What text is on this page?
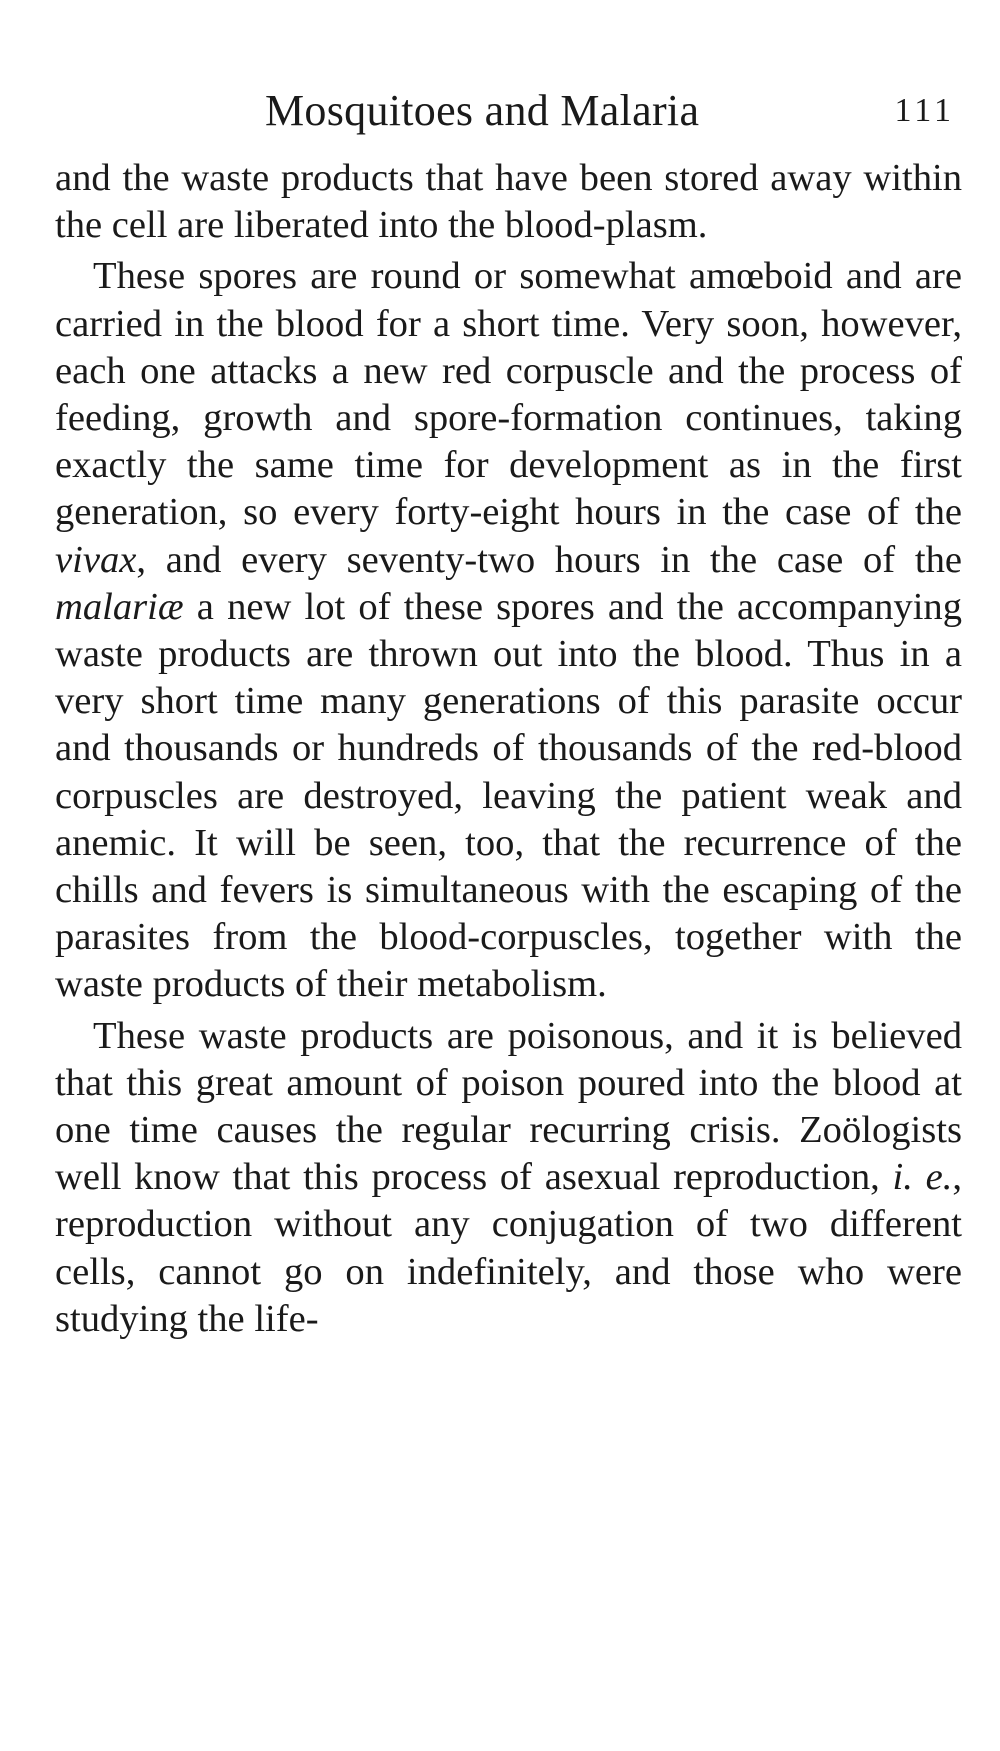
Mosquitoes and Malaria	111

and the waste products that have been stored away within the cell are liberated into the blood-plasm.

These spores are round or somewhat amœboid and are carried in the blood for a short time. Very soon, however, each one attacks a new red corpuscle and the process of feeding, growth and spore-formation continues, taking exactly the same time for development as in the first generation, so every forty-eight hours in the case of the vivax, and every seventy-two hours in the case of the malariæ a new lot of these spores and the accompanying waste products are thrown out into the blood. Thus in a very short time many generations of this parasite occur and thousands or hundreds of thousands of the red-blood corpuscles are destroyed, leaving the patient weak and anemic. It will be seen, too, that the recurrence of the chills and fevers is simultaneous with the escaping of the parasites from the blood-corpuscles, together with the waste products of their metabolism.

These waste products are poisonous, and it is believed that this great amount of poison poured into the blood at one time causes the regular recurring crisis. Zoölogists well know that this process of asexual reproduction, i. e., reproduction without any conjugation of two different cells, cannot go on indefinitely, and those who were studying the life-
